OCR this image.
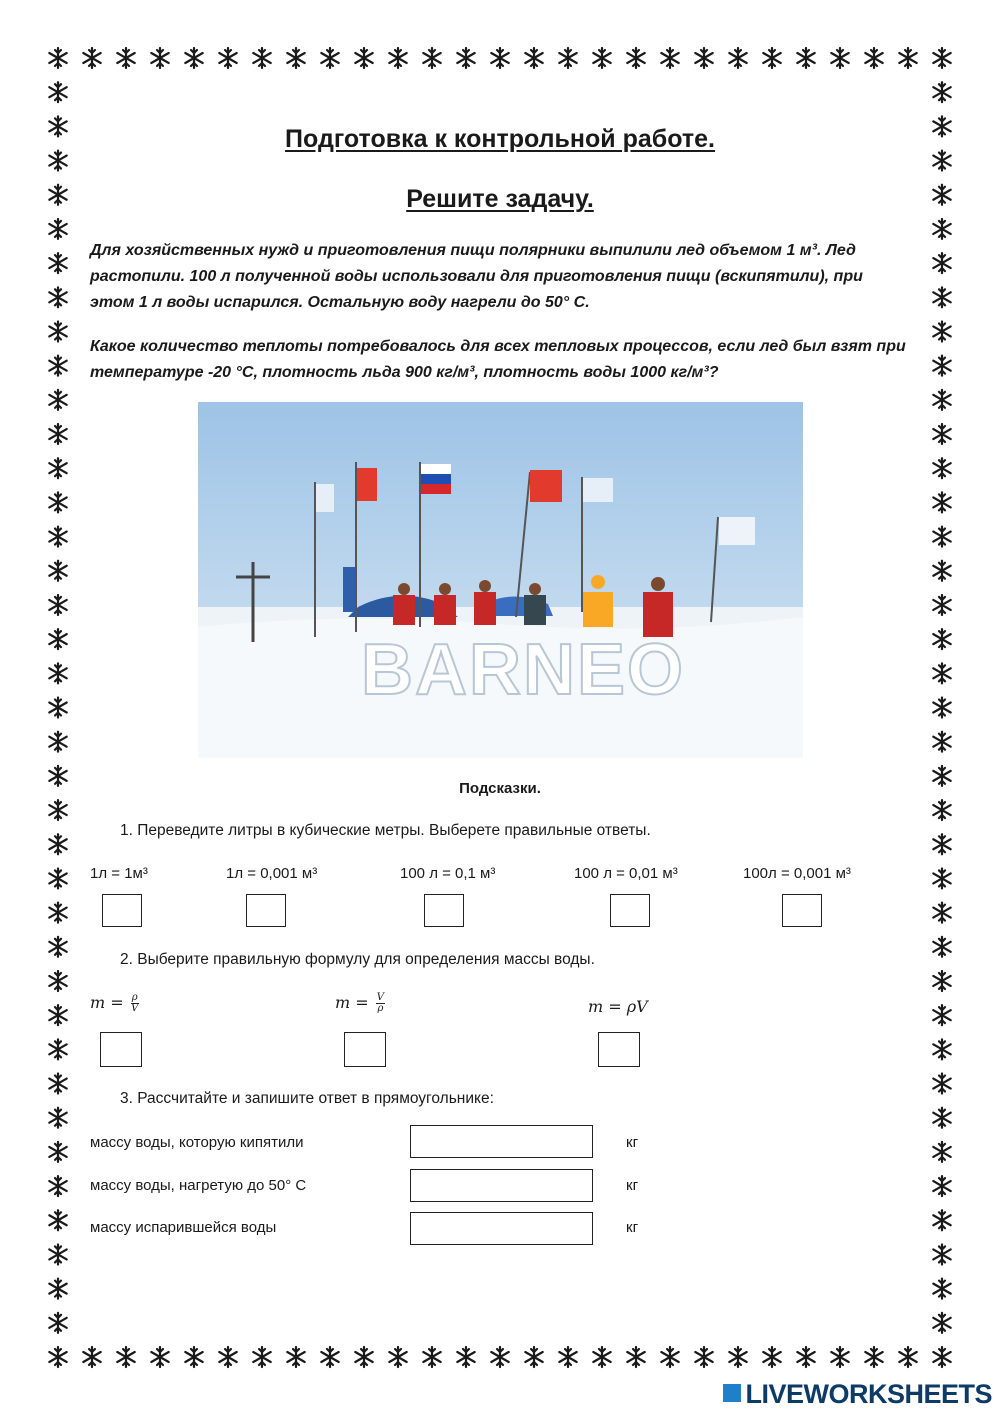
Подготовка к контрольной работе.
Решите задачу.

Для хозяйственных нужд и приготовления пищи полярники выпилили лед объемом 1 м³. Лед растопили. 100 л полученной воды использовали для приготовления пищи (вскипятили), при этом 1 л воды испарился. Остальную воду нагрели до 50° С.

Какое количество теплоты потребовалось для всех тепловых процессов, если лед был взят при температуре -20 °С, плотность льда 900 кг/м³, плотность воды 1000 кг/м³?

BARNEO
Подсказки.
1. Переведите литры в кубические метры. Выберете правильные ответы.
1л = 1м³	1л = 0,001 м³	100 л = 0,1 м³	100 л = 0,01 м³	100л = 0,001 м³
2. Выберите правильную формулу для определения массы воды.
$m = \frac{\rho}{V}$	$m = \frac{V}{\rho}$	m = ρV
3. Рассчитайте и запишите ответ в прямоугольнике:
массу воды, которую кипятили	кг
массу воды, нагретую до 50° С	кг
массу испарившейся воды	кг
LIVEWORKSHEETS
